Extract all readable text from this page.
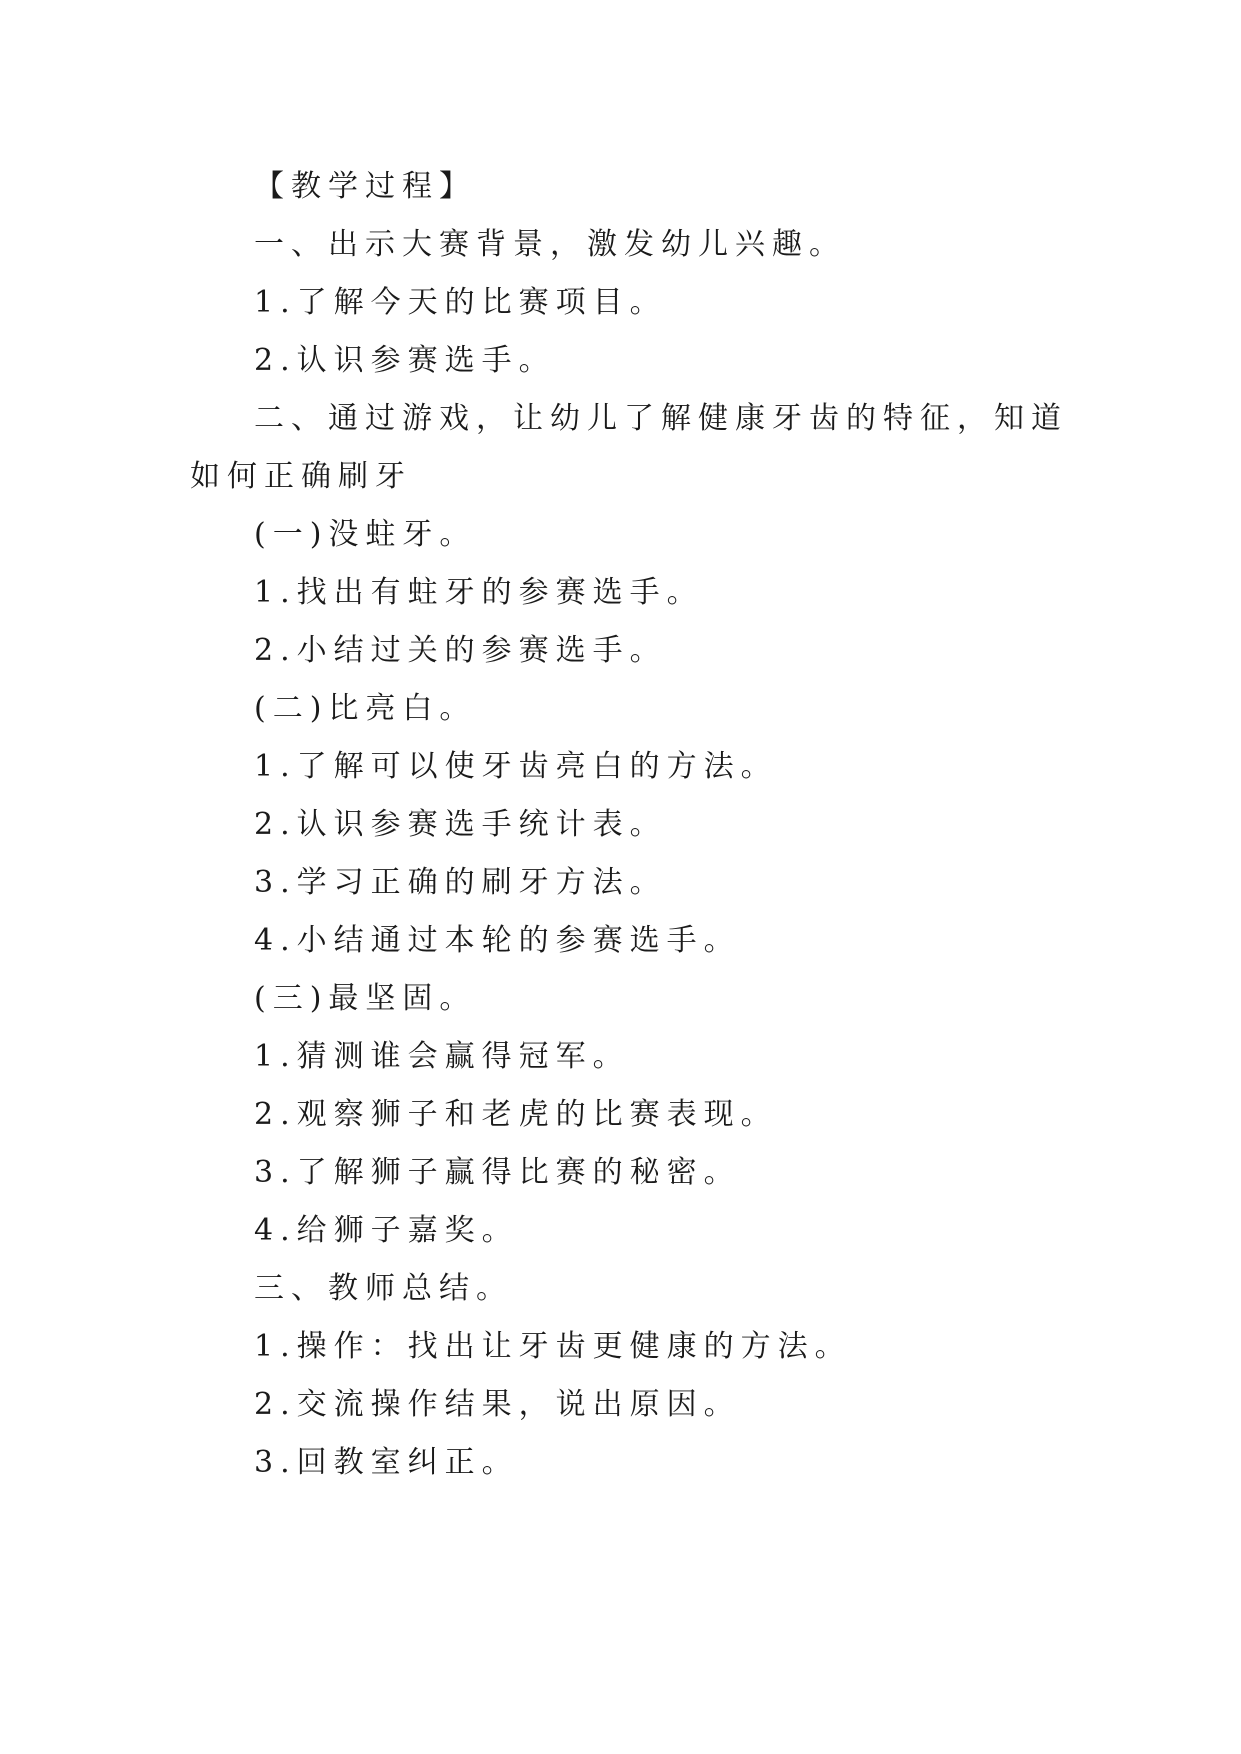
【教学过程】

一、出示大赛背景，激发幼儿兴趣。

1.了解今天的比赛项目。

2.认识参赛选手。

二、通过游戏，让幼儿了解健康牙齿的特征，知道如何正确刷牙

(一)没蛀牙。

1.找出有蛀牙的参赛选手。

2.小结过关的参赛选手。

(二)比亮白。

1.了解可以使牙齿亮白的方法。

2.认识参赛选手统计表。

3.学习正确的刷牙方法。

4.小结通过本轮的参赛选手。

(三)最坚固。

1.猜测谁会赢得冠军。

2.观察狮子和老虎的比赛表现。

3.了解狮子赢得比赛的秘密。

4.给狮子嘉奖。

三、教师总结。

1.操作：找出让牙齿更健康的方法。

2.交流操作结果，说出原因。

3.回教室纠正。
